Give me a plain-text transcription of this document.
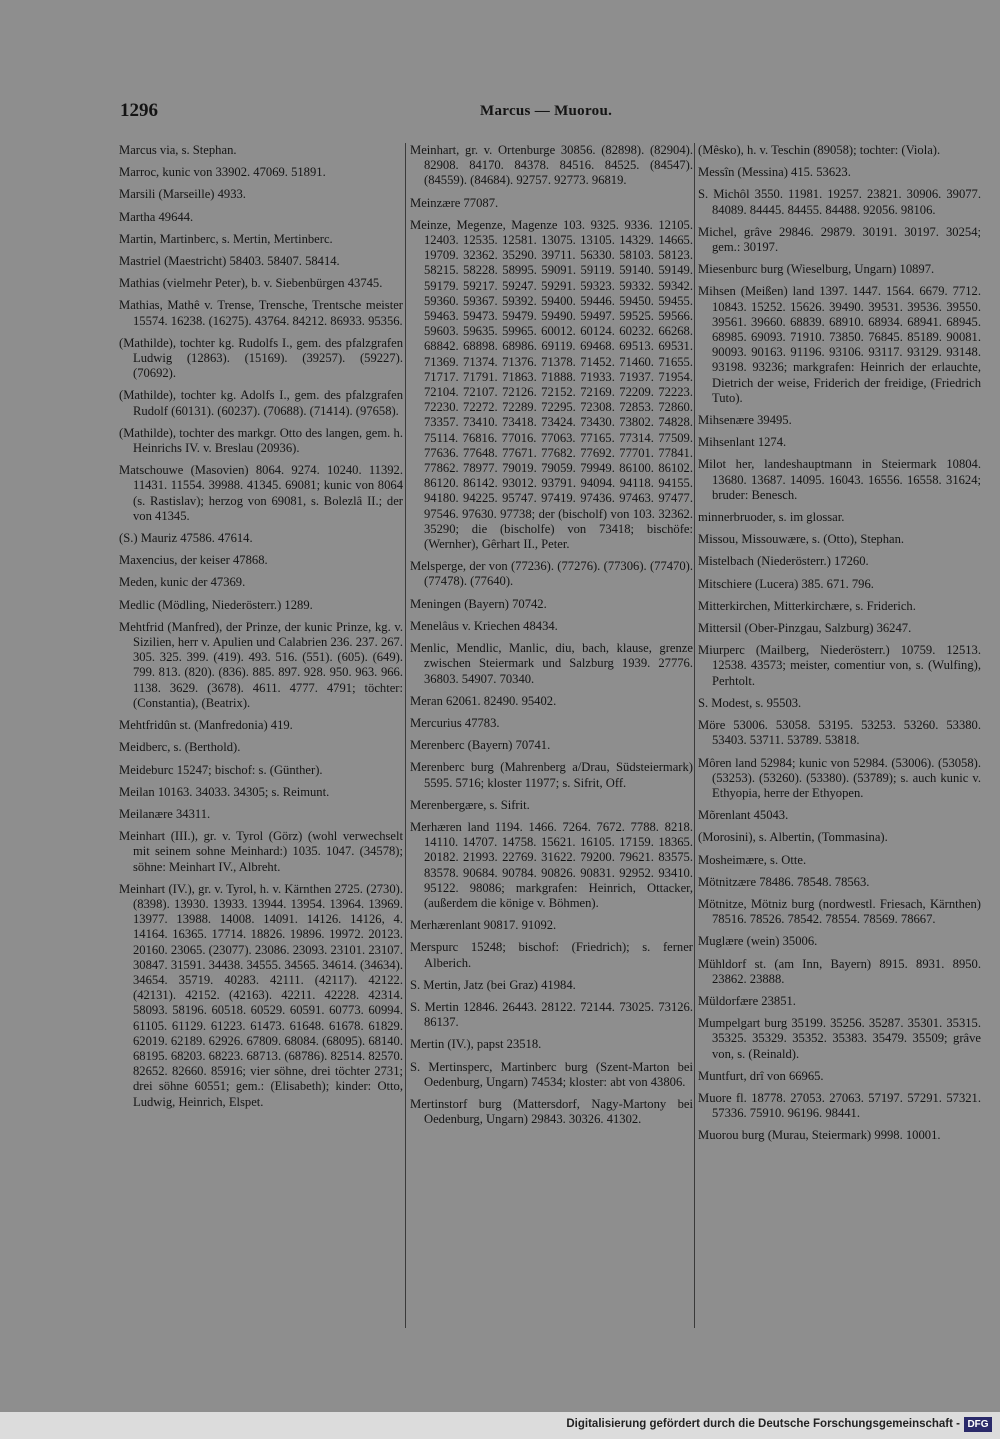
1296	Marcus — Muorou.
Marcus via, s. Stephan.
Marroc, kunic von 33902. 47069. 51891.
Marsili (Marseille) 4933.
Martha 49644.
Martin, Martinberc, s. Mertin, Mertinberc.
Mastriel (Maestricht) 58403. 58407. 58414.
Mathias (vielmehr Peter), b. v. Siebenbürgen 43745.
Mathias, Mathê v. Trense, Trensche, Trentsche meister 15574. 16238. (16275). 43764. 84212. 86933. 95356.
(Mathilde), tochter kg. Rudolfs I., gem. des pfalzgrafen Ludwig (12863). (15169). (39257). (59227). (70692).
(Mathilde), tochter kg. Adolfs I., gem. des pfalzgrafen Rudolf (60131). (60237). (70688). (71414). (97658).
(Mathilde), tochter des markgr. Otto des langen, gem. h. Heinrichs IV. v. Breslau (20936).
Matschouwe (Masovien) 8064. 9274. 10240. 11392. 11431. 11554. 39988. 41345. 69081; kunic von 8064 (s. Rastislav); herzog von 69081, s. Bolezlâ II.; der von 41345.
(S.) Mauriz 47586. 47614.
Maxencius, der keiser 47868.
Meden, kunic der 47369.
Medlic (Mödling, Niederösterr.) 1289.
Mehtfrid (Manfred), der Prinze, der kunic Prinze, kg. v. Sizilien, herr v. Apulien und Calabrien 236. 237. 267. 305. 325. 399. (419). 493. 516. (551). (605). (649). 799. 813. (820). (836). 885. 897. 928. 950. 963. 966. 1138. 3629. (3678). 4611. 4777. 4791; töchter: (Constantia), (Beatrix).
Mehtfridûn st. (Manfredonia) 419.
Meidberc, s. (Berthold).
Meideburc 15247; bischof: s. (Günther).
Meilan 10163. 34033. 34305; s. Reimunt.
Meilanære 34311.
Meinhart (III.), gr. v. Tyrol (Görz) (wohl verwechselt mit seinem sohne Meinhard:) 1035. 1047. (34578); söhne: Meinhart IV., Albreht.
Meinhart (IV.), gr. v. Tyrol, h. v. Kärnthen 2725. (2730). (8398). 13930. 13933. 13944. 13954. 13964. 13969. 13977. 13988. 14008. 14091. 14126. 14126, 4. 14164. 16365. 17714. 18826. 19896. 19972. 20123. 20160. 23065. (23077). 23086. 23093. 23101. 23107. 30847. 31591. 34438. 34555. 34565. 34614. (34634). 34654. 35719. 40283. 42111. (42117). 42122. (42131). 42152. (42163). 42211. 42228. 42314. 58093. 58196. 60518. 60529. 60591. 60773. 60994. 61105. 61129. 61223. 61473. 61648. 61678. 61829. 62019. 62189. 62926. 67809. 68084. (68095). 68140. 68195. 68203. 68223. 68713. (68786). 82514. 82570. 82652. 82660. 85916; vier söhne, drei töchter 2731; drei söhne 60551; gem.: (Elisabeth); kinder: Otto, Ludwig, Heinrich, Elspet.
Meinhart, gr. v. Ortenburge 30856. (82898). (82904). 82908. 84170. 84378. 84516. 84525. (84547). (84559). (84684). 92757. 92773. 96819.
Meinzære 77087.
Meinze, Megenze, Magenze 103. 9325. 9336. 12105. 12403. 12535. 12581. 13075. 13105. 14329. 14665. 19709. 32362. 35290. 39711. 56330. 58103. 58123. 58215. 58228. 58995. 59091. 59119. 59140. 59149. 59179. 59217. 59247. 59291. 59323. 59332. 59342. 59360. 59367. 59392. 59400. 59446. 59450. 59455. 59463. 59473. 59479. 59490. 59497. 59525. 59566. 59603. 59635. 59965. 60012. 60124. 60232. 66268. 68842. 68898. 68986. 69119. 69468. 69513. 69531. 71369. 71374. 71376. 71378. 71452. 71460. 71655. 71717. 71791. 71863. 71888. 71933. 71937. 71954. 72104. 72107. 72126. 72152. 72169. 72209. 72223. 72230. 72272. 72289. 72295. 72308. 72853. 72860. 73357. 73410. 73418. 73424. 73430. 73802. 74828. 75114. 76816. 77016. 77063. 77165. 77314. 77509. 77636. 77648. 77671. 77682. 77692. 77701. 77841. 77862. 78977. 79019. 79059. 79949. 86100. 86102. 86120. 86142. 93012. 93791. 94094. 94118. 94155. 94180. 94225. 95747. 97419. 97436. 97463. 97477. 97546. 97630. 97738; der (bischolf) von 103. 32362. 35290; die (bischolfe) von 73418; bischöfe: (Wernher), Gêrhart II., Peter.
Melsperge, der von (77236). (77276). (77306). (77470). (77478). (77640).
Meningen (Bayern) 70742.
Menelâus v. Kriechen 48434.
Menlic, Mendlic, Manlic, diu, bach, klause, grenze zwischen Steiermark und Salzburg 1939. 27776. 36803. 54907. 70340.
Meran 62061. 82490. 95402.
Mercurius 47783.
Merenberc (Bayern) 70741.
Merenberc burg (Mahrenberg a/Drau, Südsteiermark) 5595. 5716; kloster 11977; s. Sifrit, Off.
Merenbergære, s. Sifrit.
Merhæren land 1194. 1466. 7264. 7672. 7788. 8218. 14110. 14707. 14758. 15621. 16105. 17159. 18365. 20182. 21993. 22769. 31622. 79200. 79621. 83575. 83578. 90684. 90784. 90826. 90831. 92952. 93410. 95122. 98086; markgrafen: Heinrich, Ottacker, (außerdem die könige v. Böhmen).
Merhærenlant 90817. 91092.
Merspurc 15248; bischof: (Friedrich); s. ferner Alberich.
S. Mertin, Jatz (bei Graz) 41984.
S. Mertin 12846. 26443. 28122. 72144. 73025. 73126. 86137.
Mertin (IV.), papst 23518.
S. Mertinsperc, Martinberc burg (Szent-Marton bei Oedenburg, Ungarn) 74534; kloster: abt von 43806.
Mertinstorf burg (Mattersdorf, Nagy-Martony bei Oedenburg, Ungarn) 29843. 30326. 41302.
(Mêsko), h. v. Teschin (89058); tochter: (Viola).
Messîn (Messina) 415. 53623.
S. Michôl 3550. 11981. 19257. 23821. 30906. 39077. 84089. 84445. 84455. 84488. 92056. 98106.
Michel, grâve 29846. 29879. 30191. 30197. 30254; gem.: 30197.
Miesenburc burg (Wieselburg, Ungarn) 10897.
Mihsen (Meißen) land 1397. 1447. 1564. 6679. 7712. 10843. 15252. 15626. 39490. 39531. 39536. 39550. 39561. 39660. 68839. 68910. 68934. 68941. 68945. 68985. 69093. 71910. 73850. 76845. 85189. 90081. 90093. 90163. 91196. 93106. 93117. 93129. 93148. 93198. 93236; markgrafen: Heinrich der erlauchte, Dietrich der weise, Friderich der freidige, (Friedrich Tuto).
Mihsenære 39495.
Mihsenlant 1274.
Milot her, landeshauptmann in Steiermark 10804. 13680. 13687. 14095. 16043. 16556. 16558. 31624; bruder: Benesch.
minnerbruoder, s. im glossar.
Missou, Missouwære, s. (Otto), Stephan.
Mistelbach (Niederösterr.) 17260.
Mitschiere (Lucera) 385. 671. 796.
Mitterkirchen, Mitterkirchære, s. Friderich.
Mittersil (Ober-Pinzgau, Salzburg) 36247.
Miurperc (Mailberg, Niederösterr.) 10759. 12513. 12538. 43573; meister, comentiur von, s. (Wulfing), Perhtolt.
S. Modest, s. 95503.
Möre 53006. 53058. 53195. 53253. 53260. 53380. 53403. 53711. 53789. 53818.
Môren land 52984; kunic von 52984. (53006). (53058). (53253). (53260). (53380). (53789); s. auch kunic v. Ethyopia, herre der Ethyopen.
Mõrenlant 45043.
(Morosini), s. Albertin, (Tommasina).
Mosheimære, s. Otte.
Mötnitzære 78486. 78548. 78563.
Mötnitze, Mötniz burg (nordwestl. Friesach, Kärnthen) 78516. 78526. 78542. 78554. 78569. 78667.
Muglære (wein) 35006.
Mühldorf st. (am Inn, Bayern) 8915. 8931. 8950. 23862. 23888.
Müldorfære 23851.
Mumpelgart burg 35199. 35256. 35287. 35301. 35315. 35325. 35329. 35352. 35383. 35479. 35509; grâve von, s. (Reinald).
Muntfurt, drî von 66965.
Muore fl. 18778. 27053. 27063. 57197. 57291. 57321. 57336. 75910. 96196. 98441.
Muorou burg (Murau, Steiermark) 9998. 10001.
Digitalisierung gefördert durch die Deutsche Forschungsgemeinschaft - DFG
